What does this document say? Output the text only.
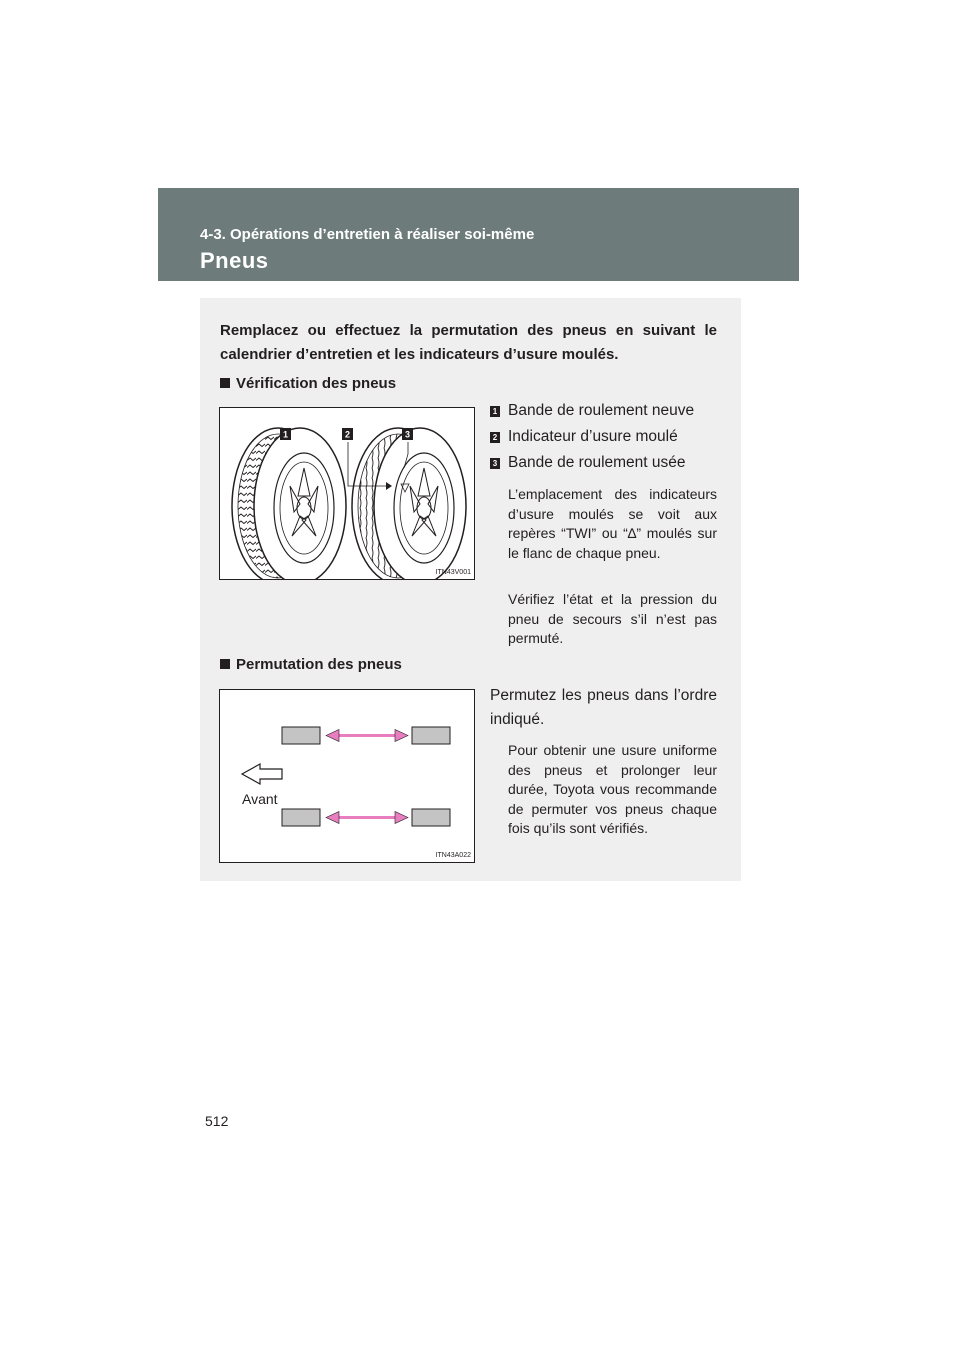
4-3. Opérations d’entretien à réaliser soi-même
Pneus
Remplacez ou effectuez la permutation des pneus en suivant le calendrier d’entretien et les indicateurs d’usure moulés.
Vérification des pneus
1	2	3
ITN43V001
1 Bande de roulement neuve
2 Indicateur d’usure moulé
3 Bande de roulement usée
L’emplacement des indicateurs d’usure moulés se voit aux repères “TWI” ou “∆” moulés sur le flanc de chaque pneu.
Vérifiez l’état et la pression du pneu de secours s’il n’est pas permuté.
Permutation des pneus
Avant
ITN43A022
Permutez les pneus dans l’ordre indiqué.
Pour obtenir une usure uniforme des pneus et prolonger leur durée, Toyota vous recommande de permuter vos pneus chaque fois qu’ils sont vérifiés.
512
